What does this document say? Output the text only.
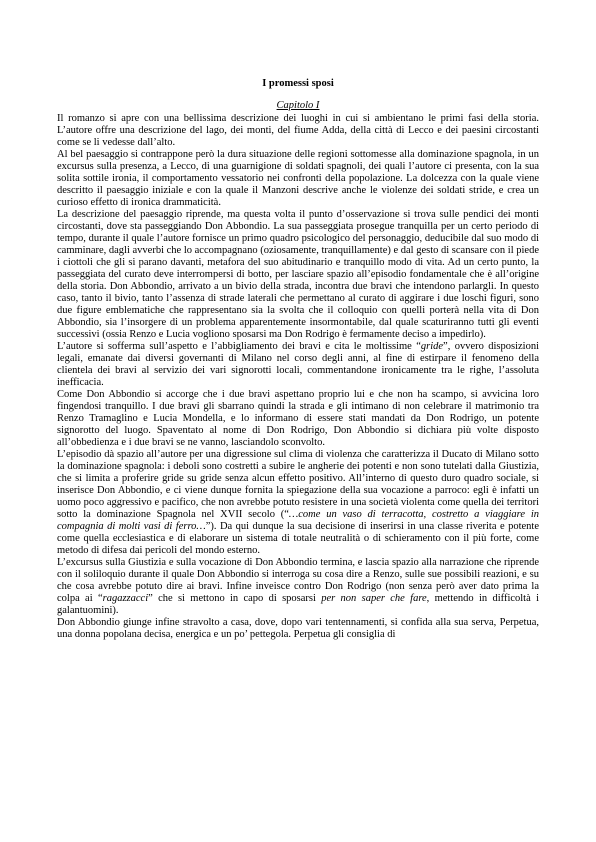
I promessi sposi
Capitolo I

Il romanzo si apre con una bellissima descrizione dei luoghi in cui si ambientano le primi fasi della storia. L’autore offre una descrizione del lago, dei monti, del fiume Adda, della città di Lecco e dei paesini circostanti come se li vedesse dall’alto.

Al bel paesaggio si contrappone però la dura situazione delle regioni sottomesse alla dominazione spagnola, in un excursus sulla presenza, a Lecco, di una guarnigione di soldati spagnoli, dei quali l’autore ci presenta, con la sua solita sottile ironia, il comportamento vessatorio nei confronti della popolazione. La dolcezza con la quale viene descritto il paesaggio iniziale e con la quale il Manzoni descrive anche le violenze dei soldati stride, e crea un curioso effetto di ironica drammaticità.

La descrizione del paesaggio riprende, ma questa volta il punto d’osservazione si trova sulle pendici dei monti circostanti, dove sta passeggiando Don Abbondio. La sua passeggiata prosegue tranquilla per un certo periodo di tempo, durante il quale l’autore fornisce un primo quadro psicologico del personaggio, deducibile dal suo modo di camminare, dagli avverbi che lo accompagnano (oziosamente, tranquillamente) e dal gesto di scansare con il piede i ciottoli che gli si parano davanti, metafora del suo abitudinario e tranquillo modo di vita. Ad un certo punto, la passeggiata del curato deve interrompersi di botto, per lasciare spazio all’episodio fondamentale che è all’origine della storia. Don Abbondio, arrivato a un bivio della strada, incontra due bravi che intendono parlargli. In questo caso, tanto il bivio, tanto l’assenza di strade laterali che permettano al curato di aggirare i due loschi figuri, sono due figure emblematiche che rappresentano sia la svolta che il colloquio con quelli porterà nella vita di Don Abbondio, sia l’insorgere di un problema apparentemente insormontabile, dal quale scaturiranno tutti gli eventi successivi (ossia Renzo e Lucia vogliono sposarsi ma Don Rodrigo è fermamente deciso a impedirlo).

L’autore si sofferma sull’aspetto e l’abbigliamento dei bravi e cita le moltissime “gride”, ovvero disposizioni legali, emanate dai diversi governanti di Milano nel corso degli anni, al fine di estirpare il fenomeno della clientela dei bravi al servizio dei vari signorotti locali, commentandone ironicamente tra le righe, l’assoluta inefficacia.

Come Don Abbondio si accorge che i due bravi aspettano proprio lui e che non ha scampo, si avvicina loro fingendosi tranquillo. I due bravi gli sbarrano quindi la strada e gli intimano di non celebrare il matrimonio tra Renzo Tramaglino e Lucia Mondella, e lo informano di essere stati mandati da Don Rodrigo, un potente signorotto del luogo. Spaventato al nome di Don Rodrigo, Don Abbondio si dichiara più volte disposto all’obbedienza e i due bravi se ne vanno, lasciandolo sconvolto.

L’episodio dà spazio all’autore per una digressione sul clima di violenza che caratterizza il Ducato di Milano sotto la dominazione spagnola: i deboli sono costretti a subire le angherie dei potenti e non sono tutelati dalla Giustizia, che si limita a proferire gride su gride senza alcun effetto positivo. All’interno di questo duro quadro sociale, si inserisce Don Abbondio, e ci viene dunque fornita la spiegazione della sua vocazione a parroco: egli è infatti un uomo poco aggressivo e pacifico, che non avrebbe potuto resistere in una società violenta come quella dei territori sotto la dominazione Spagnola nel XVII secolo (“…come un vaso di terracotta, costretto a viaggiare in compagnia di molti vasi di ferro…”). Da qui dunque la sua decisione di inserirsi in una classe riverita e potente come quella ecclesiastica e di elaborare un sistema di totale neutralità o di schieramento con il più forte, come metodo di difesa dai pericoli del mondo esterno.

L’excursus sulla Giustizia e sulla vocazione di Don Abbondio termina, e lascia spazio alla narrazione che riprende con il soliloquio durante il quale Don Abbondio si interroga su cosa dire a Renzo, sulle sue possibili reazioni, e su che cosa avrebbe potuto dire ai bravi. Infine inveisce contro Don Rodrigo (non senza però aver dato prima la colpa ai “ragazzacci” che si mettono in capo di sposarsi per non saper che fare, mettendo in difficoltà i galantuomini).

Don Abbondio giunge infine stravolto a casa, dove, dopo vari tentennamenti, si confida alla sua serva, Perpetua, una donna popolana decisa, energica e un po’ pettegola. Perpetua gli consiglia di
